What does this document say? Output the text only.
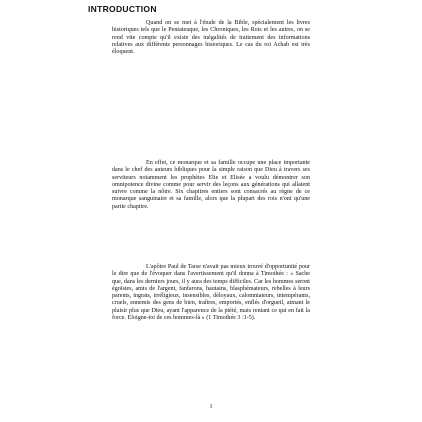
INTRODUCTION

Quand on se met à l'étude de la Bible, spécialement les livres historiques tels que le Pentateuque, les Chroniques, les Rois et les autres, on se rend vite compte qu'il existe des inégalités de traitement des informations relatives aux différents personnages historiques. Le cas du roi Achab est très éloquent.

En effet, ce monarque et sa famille occupe une place importante dans le chef des auteurs bibliques pour la simple raison que Dieu à travers ses serviteurs notamment les prophètes Elie et Elisée a voulu démontrer son omnipotence divine comme pour servir des leçons aux générations qui allaient suivre comme la nôtre. Six chapitres entiers sont consacrés au règne de ce monarque sanguinaire et sa famille, alors que la plupart des rois n'ont qu'une partie chapitre.

L'apôtre Paul de Tarse n'avait pas mieux trouvé d'opportunité pour le dire que de l'évoquer dans l'avertissement qu'il donna à Timothée : « Sache que, dans les derniers jours, il y aura des temps difficiles. Car les hommes seront égoïstes, amis de l'argent, fanfarons, hautains, blasphémateurs, rebelles à leurs parents, ingrats, irréligieux, insensibles, déloyaux, calomniateurs, intempérants, cruels, ennemis des gens de bien, traîtres, emportés, enflés d'orgueil, aimant le plaisir plus que Dieu, ayant l'apparence de la piété, mais reniant ce qui en fait la force. Eloigne-toi de ces hommes-là » (1 Timothée 3 :1-5).

1
